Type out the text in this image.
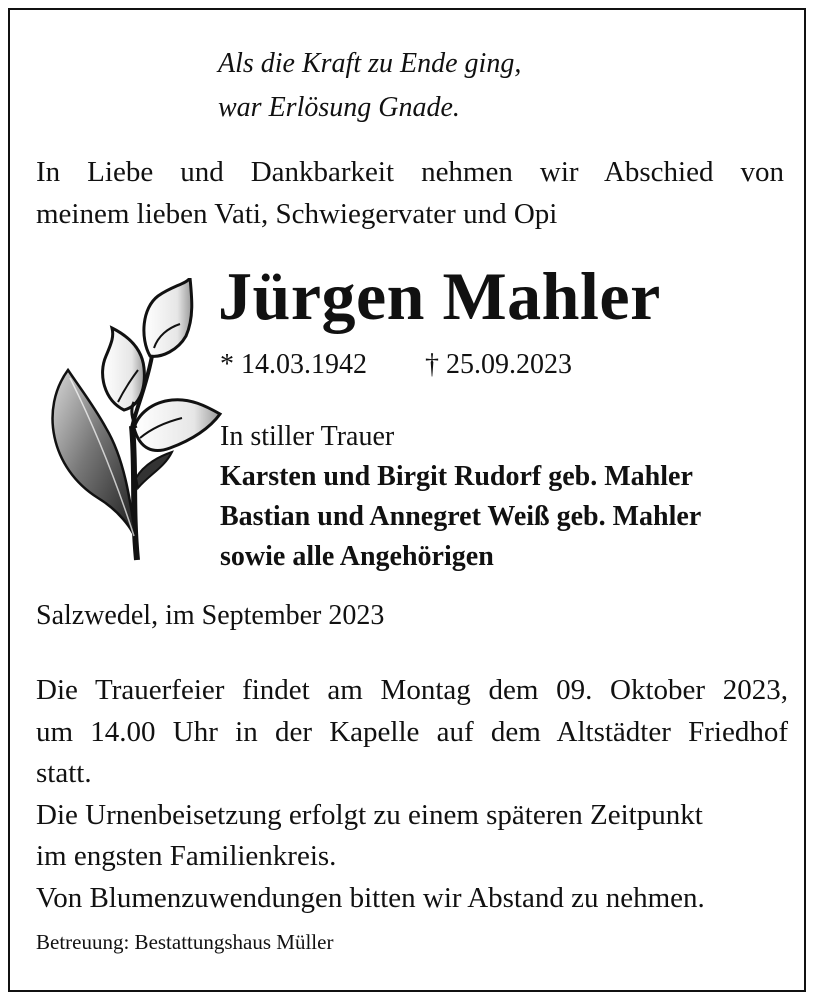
Als die Kraft zu Ende ging,
war Erlösung Gnade.
In Liebe und Dankbarkeit nehmen wir Abschied von
meinem lieben Vati, Schwiegervater und Opi
Jürgen Mahler
* 14.03.1942 † 25.09.2023
In stiller Trauer
Karsten und Birgit Rudorf geb. Mahler
Bastian und Annegret Weiß geb. Mahler
sowie alle Angehörigen
Salzwedel, im September 2023
Die Trauerfeier findet am Montag dem 09. Oktober 2023,
um 14.00 Uhr in der Kapelle auf dem Altstädter Friedhof
statt.
Die Urnenbeisetzung erfolgt zu einem späteren Zeitpunkt
im engsten Familienkreis.
Von Blumenzuwendungen bitten wir Abstand zu nehmen.
Betreuung: Bestattungshaus Müller
